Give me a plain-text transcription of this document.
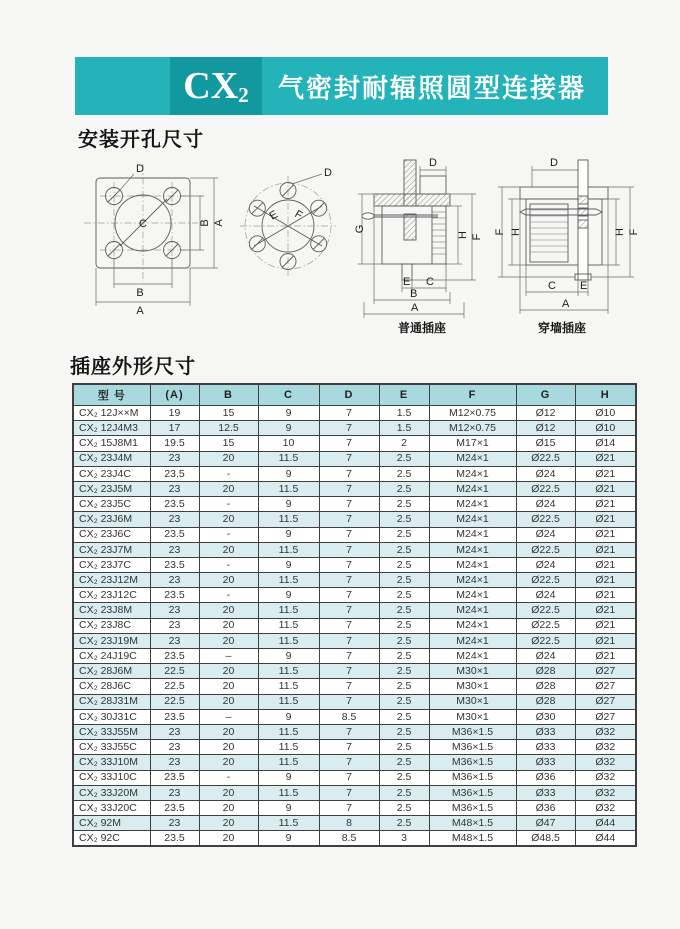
CX 2 气密封耐辐照圆型连接器
安装开孔尺寸
D
B A
C
B
A
E F
D
D
G
H F
E C
B
A
普通插座
D
F H	H F
C E
A
穿墙插座
插座外形尺寸
型 号	(A)	B	C	D	E	F	G	H
CX₂ 12J××M	19	15	9	7	1.5	M12×0.75	Ø12	Ø10
CX₂ 12J4M3	17	12.5	9	7	1.5	M12×0.75	Ø12	Ø10
CX₂ 15J8M1	19.5	15	10	7	2	M17×1	Ø15	Ø14
CX₂ 23J4M	23	20	11.5	7	2.5	M24×1	Ø22.5	Ø21
CX₂ 23J4C	23.5	-	9	7	2.5	M24×1	Ø24	Ø21
CX₂ 23J5M	23	20	11.5	7	2.5	M24×1	Ø22.5	Ø21
CX₂ 23J5C	23.5	-	9	7	2.5	M24×1	Ø24	Ø21
CX₂ 23J6M	23	20	11.5	7	2.5	M24×1	Ø22.5	Ø21
CX₂ 23J6C	23.5	-	9	7	2.5	M24×1	Ø24	Ø21
CX₂ 23J7M	23	20	11.5	7	2.5	M24×1	Ø22.5	Ø21
CX₂ 23J7C	23.5	-	9	7	2.5	M24×1	Ø24	Ø21
CX₂ 23J12M	23	20	11.5	7	2.5	M24×1	Ø22.5	Ø21
CX₂ 23J12C	23.5	-	9	7	2.5	M24×1	Ø24	Ø21
CX₂ 23J8M	23	20	11.5	7	2.5	M24×1	Ø22.5	Ø21
CX₂ 23J8C	23	20	11.5	7	2.5	M24×1	Ø22.5	Ø21
CX₂ 23J19M	23	20	11.5	7	2.5	M24×1	Ø22.5	Ø21
CX₂ 24J19C	23.5	–	9	7	2.5	M24×1	Ø24	Ø21
CX₂ 28J6M	22.5	20	11.5	7	2.5	M30×1	Ø28	Ø27
CX₂ 28J6C	22.5	20	11.5	7	2.5	M30×1	Ø28	Ø27
CX₂ 28J31M	22.5	20	11.5	7	2.5	M30×1	Ø28	Ø27
CX₂ 30J31C	23.5	–	9	8.5	2.5	M30×1	Ø30	Ø27
CX₂ 33J55M	23	20	11.5	7	2.5	M36×1.5	Ø33	Ø32
CX₂ 33J55C	23	20	11.5	7	2.5	M36×1.5	Ø33	Ø32
CX₂ 33J10M	23	20	11.5	7	2.5	M36×1.5	Ø33	Ø32
CX₂ 33J10C	23.5	-	9	7	2.5	M36×1.5	Ø36	Ø32
CX₂ 33J20M	23	20	11.5	7	2.5	M36×1.5	Ø33	Ø32
CX₂ 33J20C	23.5	20	9	7	2.5	M36×1.5	Ø36	Ø32
CX₂ 92M	23	20	11.5	8	2.5	M48×1.5	Ø47	Ø44
CX₂ 92C	23.5	20	9	8.5	3	M48×1.5	Ø48.5	Ø44
